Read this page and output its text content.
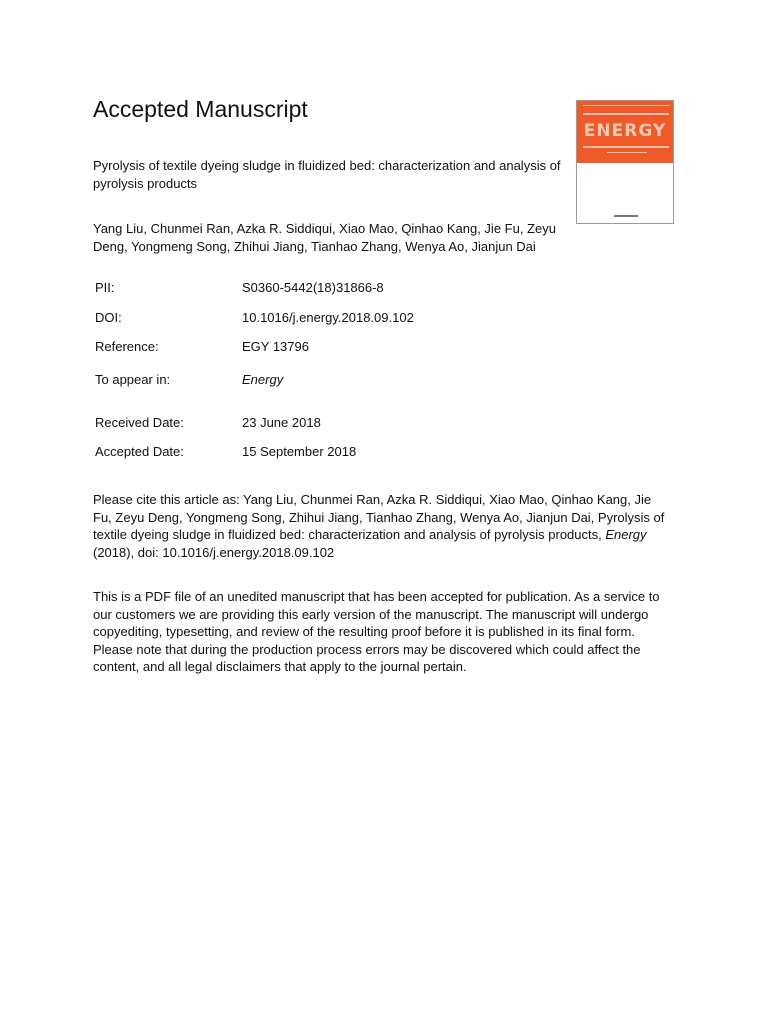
Accepted Manuscript
ENERGY

Pyrolysis of textile dyeing sludge in fluidized bed: characterization and analysis of pyrolysis products

Yang Liu, Chunmei Ran, Azka R. Siddiqui, Xiao Mao, Qinhao Kang, Jie Fu, Zeyu Deng, Yongmeng Song, Zhihui Jiang, Tianhao Zhang, Wenya Ao, Jianjun Dai

PII:	S0360-5442(18)31866-8
DOI:	10.1016/j.energy.2018.09.102
Reference:	EGY 13796
To appear in:	Energy
Received Date:	23 June 2018
Accepted Date:	15 September 2018

Please cite this article as: Yang Liu, Chunmei Ran, Azka R. Siddiqui, Xiao Mao, Qinhao Kang, Jie Fu, Zeyu Deng, Yongmeng Song, Zhihui Jiang, Tianhao Zhang, Wenya Ao, Jianjun Dai, Pyrolysis of textile dyeing sludge in fluidized bed: characterization and analysis of pyrolysis products, Energy (2018), doi: 10.1016/j.energy.2018.09.102

This is a PDF file of an unedited manuscript that has been accepted for publication. As a service to our customers we are providing this early version of the manuscript. The manuscript will undergo copyediting, typesetting, and review of the resulting proof before it is published in its final form. Please note that during the production process errors may be discovered which could affect the content, and all legal disclaimers that apply to the journal pertain.
